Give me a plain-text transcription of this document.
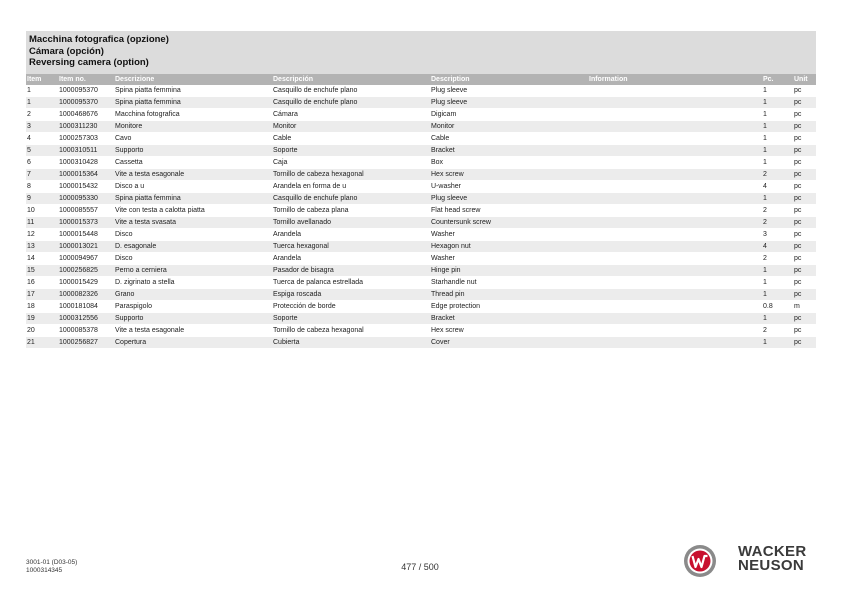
Macchina fotografica (opzione)
Cámara (opción)
Reversing camera (option)
Item	Item no.	Descrizione	Descripción	Description	Information	Pc.	Unit
1	1000095370	Spina piatta femmina	Casquillo de enchufe plano	Plug sleeve		1	pc
1	1000095370	Spina piatta femmina	Casquillo de enchufe plano	Plug sleeve		1	pc
2	1000468676	Macchina fotografica	Cámara	Digicam		1	pc
3	1000311230	Monitore	Monitor	Monitor		1	pc
4	1000257303	Cavo	Cable	Cable		1	pc
5	1000310511	Supporto	Soporte	Bracket		1	pc
6	1000310428	Cassetta	Caja	Box		1	pc
7	1000015364	Vite a testa esagonale	Tornillo de cabeza hexagonal	Hex screw		2	pc
8	1000015432	Disco a u	Arandela en forma de u	U-washer		4	pc
9	1000095330	Spina piatta femmina	Casquillo de enchufe plano	Plug sleeve		1	pc
10	1000085557	Vite con testa a calotta piatta	Tornillo de cabeza plana	Flat head screw		2	pc
11	1000015373	Vite a testa svasata	Tornillo avellanado	Countersunk screw		2	pc
12	1000015448	Disco	Arandela	Washer		3	pc
13	1000013021	D. esagonale	Tuerca hexagonal	Hexagon nut		4	pc
14	1000094967	Disco	Arandela	Washer		2	pc
15	1000256825	Perno a cerniera	Pasador de bisagra	Hinge pin		1	pc
16	1000015429	D. zigrinato a stella	Tuerca de palanca estrellada	Starhandle nut		1	pc
17	1000082326	Grano	Espiga roscada	Thread pin		1	pc
18	1000181084	Paraspigolo	Protección de borde	Edge protection		0.8	m
19	1000312556	Supporto	Soporte	Bracket		1	pc
20	1000085378	Vite a testa esagonale	Tornillo de cabeza hexagonal	Hex screw		2	pc
21	1000256827	Copertura	Cubierta	Cover		1	pc
3001-01 (D03-05)
1000314345	477 / 500
WACKER
NEUSON
